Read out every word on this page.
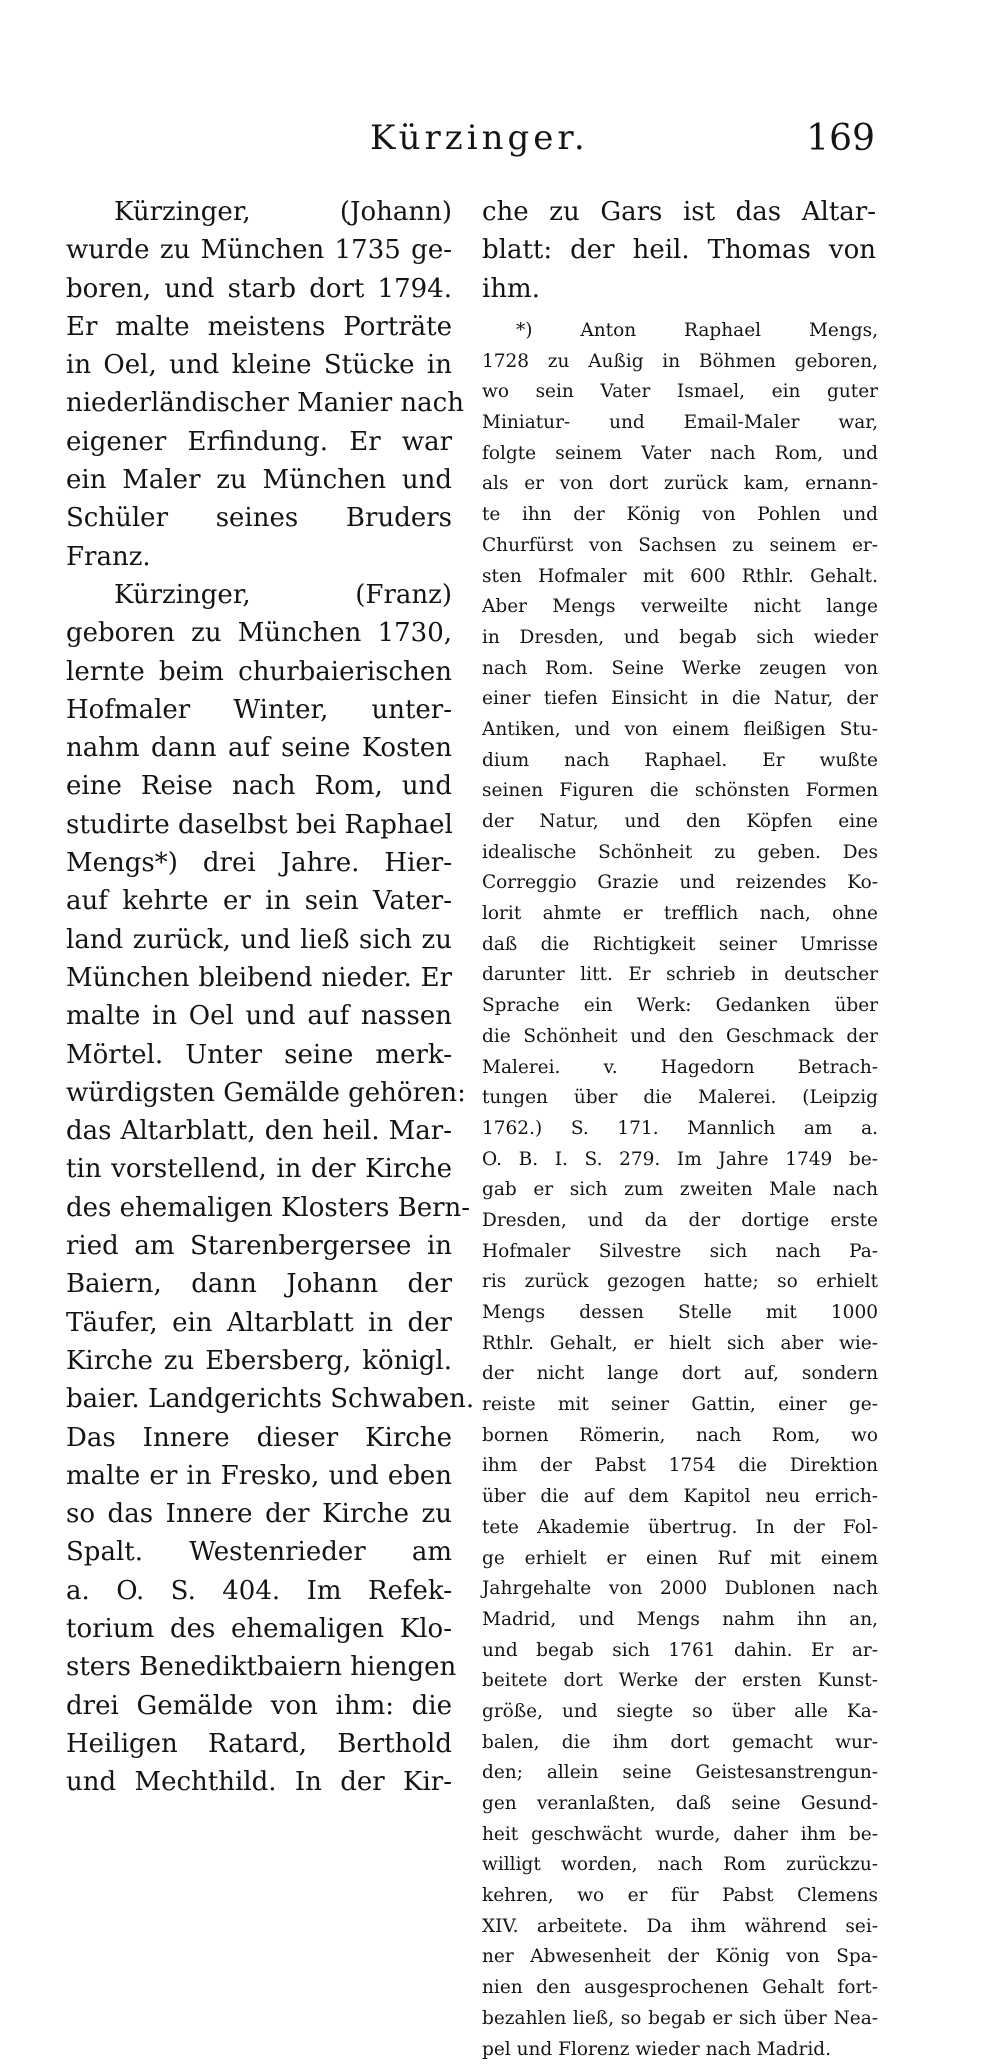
Kürzinger.	169
Kürzinger, (Johann)
wurde zu München 1735 ge-
boren, und starb dort 1794.
Er malte meistens Porträte
in Oel, und kleine Stücke in
niederländischer Manier nach
eigener Erfindung. Er war
ein Maler zu München und
Schüler seines Bruders
Franz.
Kürzinger, (Franz)
geboren zu München 1730,
lernte beim churbaierischen
Hofmaler Winter, unter-
nahm dann auf seine Kosten
eine Reise nach Rom, und
studirte daselbst bei Raphael
Mengs*) drei Jahre. Hier-
auf kehrte er in sein Vater-
land zurück, und ließ sich zu
München bleibend nieder. Er
malte in Oel und auf nassen
Mörtel. Unter seine merk-
würdigsten Gemälde gehören:
das Altarblatt, den heil. Mar-
tin vorstellend, in der Kirche
des ehemaligen Klosters Bern-
ried am Starenbergersee in
Baiern, dann Johann der
Täufer, ein Altarblatt in der
Kirche zu Ebersberg, königl.
baier. Landgerichts Schwaben.
Das Innere dieser Kirche
malte er in Fresko, und eben
so das Innere der Kirche zu
Spalt. Westenrieder am
a. O. S. 404. Im Refek-
torium des ehemaligen Klo-
sters Benediktbaiern hiengen
drei Gemälde von ihm: die
Heiligen Ratard, Berthold
und Mechthild. In der Kir-
che zu Gars ist das Altar-
blatt: der heil. Thomas von
ihm.
*) Anton Raphael Mengs,
1728 zu Außig in Böhmen geboren,
wo sein Vater Ismael, ein guter
Miniatur- und Email-Maler war,
folgte seinem Vater nach Rom, und
als er von dort zurück kam, ernann-
te ihn der König von Pohlen und
Churfürst von Sachsen zu seinem er-
sten Hofmaler mit 600 Rthlr. Gehalt.
Aber Mengs verweilte nicht lange
in Dresden, und begab sich wieder
nach Rom. Seine Werke zeugen von
einer tiefen Einsicht in die Natur, der
Antiken, und von einem fleißigen Stu-
dium nach Raphael. Er wußte
seinen Figuren die schönsten Formen
der Natur, und den Köpfen eine
idealische Schönheit zu geben. Des
Correggio Grazie und reizendes Ko-
lorit ahmte er trefflich nach, ohne
daß die Richtigkeit seiner Umrisse
darunter litt. Er schrieb in deutscher
Sprache ein Werk: Gedanken über
die Schönheit und den Geschmack der
Malerei. v. Hagedorn Betrach-
tungen über die Malerei. (Leipzig
1762.) S. 171. Mannlich am a.
O. B. I. S. 279. Im Jahre 1749 be-
gab er sich zum zweiten Male nach
Dresden, und da der dortige erste
Hofmaler Silvestre sich nach Pa-
ris zurück gezogen hatte; so erhielt
Mengs dessen Stelle mit 1000
Rthlr. Gehalt, er hielt sich aber wie-
der nicht lange dort auf, sondern
reiste mit seiner Gattin, einer ge-
bornen Römerin, nach Rom, wo
ihm der Pabst 1754 die Direktion
über die auf dem Kapitol neu errich-
tete Akademie übertrug. In der Fol-
ge erhielt er einen Ruf mit einem
Jahrgehalte von 2000 Dublonen nach
Madrid, und Mengs nahm ihn an,
und begab sich 1761 dahin. Er ar-
beitete dort Werke der ersten Kunst-
größe, und siegte so über alle Ka-
balen, die ihm dort gemacht wur-
den; allein seine Geistesanstrengun-
gen veranlaßten, daß seine Gesund-
heit geschwächt wurde, daher ihm be-
willigt worden, nach Rom zurückzu-
kehren, wo er für Pabst Clemens
XIV. arbeitete. Da ihm während sei-
ner Abwesenheit der König von Spa-
nien den ausgesprochenen Gehalt fort-
bezahlen ließ, so begab er sich über Nea-
pel und Florenz wieder nach Madrid.
